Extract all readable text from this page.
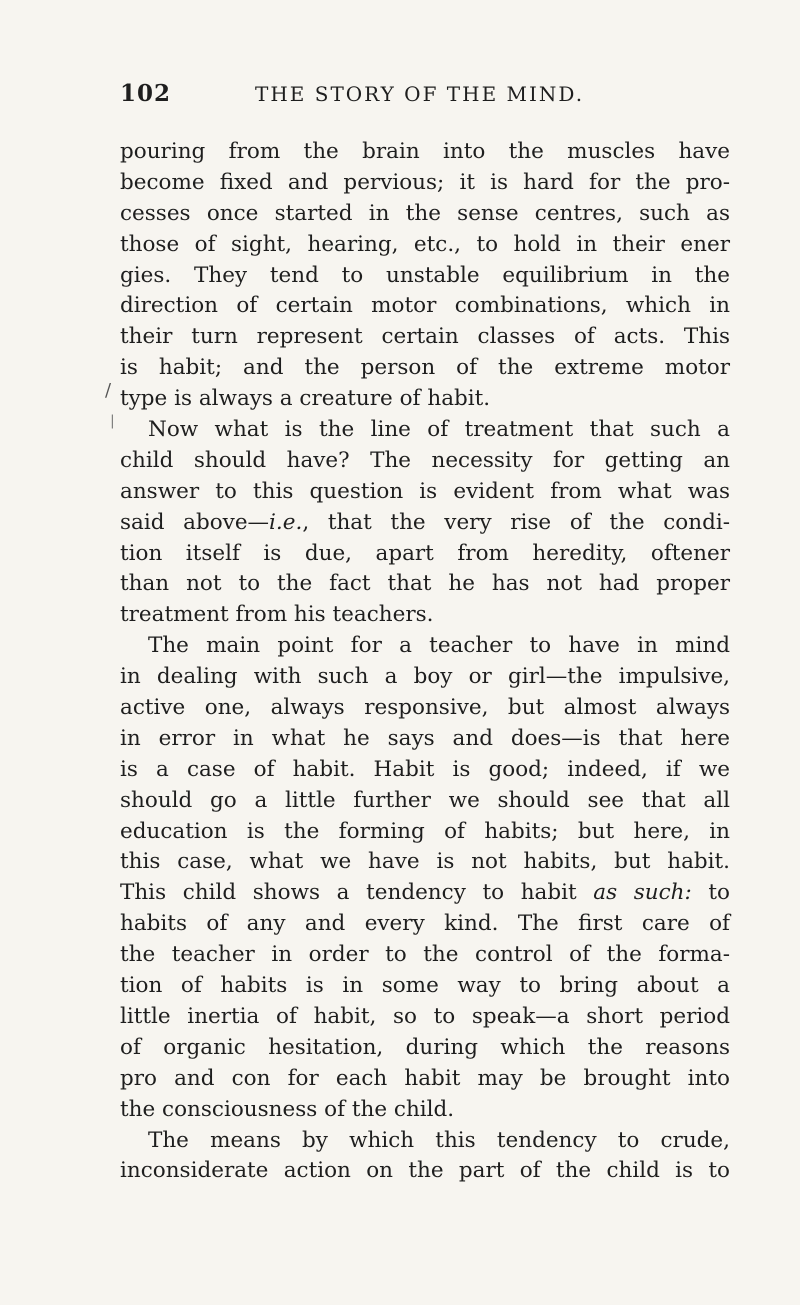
102	THE STORY OF THE MIND.
/
|
pouring from the brain into the muscles have
become fixed and pervious; it is hard for the pro-
cesses once started in the sense centres, such as
those of sight, hearing, etc., to hold in their ener
gies. They tend to unstable equilibrium in the
direction of certain motor combinations, which in
their turn represent certain classes of acts. This
is habit; and the person of the extreme motor
type is always a creature of habit.
Now what is the line of treatment that such a
child should have? The necessity for getting an
answer to this question is evident from what was
said above—i.e., that the very rise of the condi-
tion itself is due, apart from heredity, oftener
than not to the fact that he has not had proper
treatment from his teachers.
The main point for a teacher to have in mind
in dealing with such a boy or girl—the impulsive,
active one, always responsive, but almost always
in error in what he says and does—is that here
is a case of habit. Habit is good; indeed, if we
should go a little further we should see that all
education is the forming of habits; but here, in
this case, what we have is not habits, but habit.
This child shows a tendency to habit as such: to
habits of any and every kind. The first care of
the teacher in order to the control of the forma-
tion of habits is in some way to bring about a
little inertia of habit, so to speak—a short period
of organic hesitation, during which the reasons
pro and con for each habit may be brought into
the consciousness of the child.
The means by which this tendency to crude,
inconsiderate action on the part of the child is to
